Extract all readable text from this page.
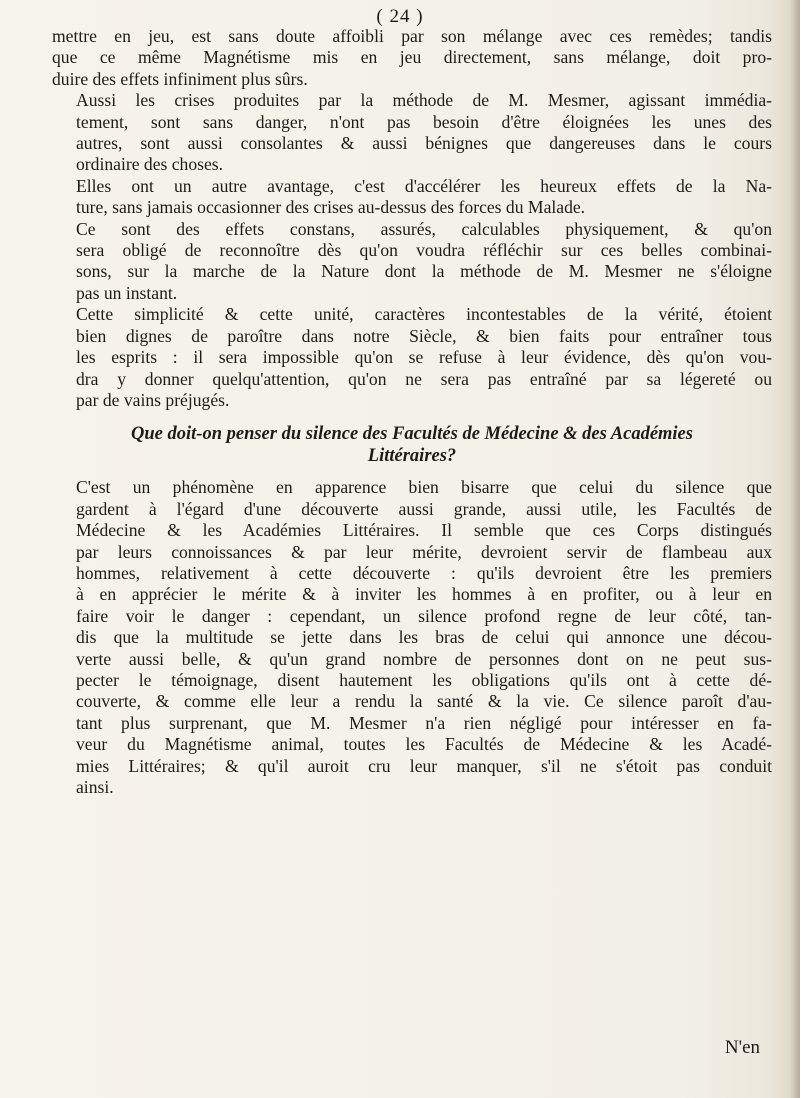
( 24 )

mettre en jeu, est sans doute affoibli par son mélange avec ces remèdes; tandis
que ce même Magnétisme mis en jeu directement, sans mélange, doit pro-
duire des effets infiniment plus sûrs.

Aussi les crises produites par la méthode de M. Mesmer, agissant immédia-
tement, sont sans danger, n'ont pas besoin d'être éloignées les unes des
autres, sont aussi consolantes & aussi bénignes que dangereuses dans le cours
ordinaire des choses.

Elles ont un autre avantage, c'est d'accélérer les heureux effets de la Na-
ture, sans jamais occasionner des crises au-dessus des forces du Malade.

Ce sont des effets constans, assurés, calculables physiquement, & qu'on
sera obligé de reconnoître dès qu'on voudra réfléchir sur ces belles combinai-
sons, sur la marche de la Nature dont la méthode de M. Mesmer ne s'éloigne
pas un instant.

Cette simplicité & cette unité, caractères incontestables de la vérité, étoient
bien dignes de paroître dans notre Siècle, & bien faits pour entraîner tous
les esprits : il sera impossible qu'on se refuse à leur évidence, dès qu'on vou-
dra y donner quelqu'attention, qu'on ne sera pas entraîné par sa légereté ou
par de vains préjugés.

Que doit-on penser du silence des Facultés de Médecine & des Académies
Littéraires?

C'est un phénomène en apparence bien bisarre que celui du silence que
gardent à l'égard d'une découverte aussi grande, aussi utile, les Facultés de
Médecine & les Académies Littéraires. Il semble que ces Corps distingués
par leurs connoissances & par leur mérite, devroient servir de flambeau aux
hommes, relativement à cette découverte : qu'ils devroient être les premiers
à en apprécier le mérite & à inviter les hommes à en profiter, ou à leur en
faire voir le danger : cependant, un silence profond regne de leur côté, tan-
dis que la multitude se jette dans les bras de celui qui annonce une décou-
verte aussi belle, & qu'un grand nombre de personnes dont on ne peut sus-
pecter le témoignage, disent hautement les obligations qu'ils ont à cette dé-
couverte, & comme elle leur a rendu la santé & la vie. Ce silence paroît d'au-
tant plus surprenant, que M. Mesmer n'a rien négligé pour intéresser en fa-
veur du Magnétisme animal, toutes les Facultés de Médecine & les Acadé-
mies Littéraires; & qu'il auroit cru leur manquer, s'il ne s'étoit pas conduit
ainsi.

N'en
